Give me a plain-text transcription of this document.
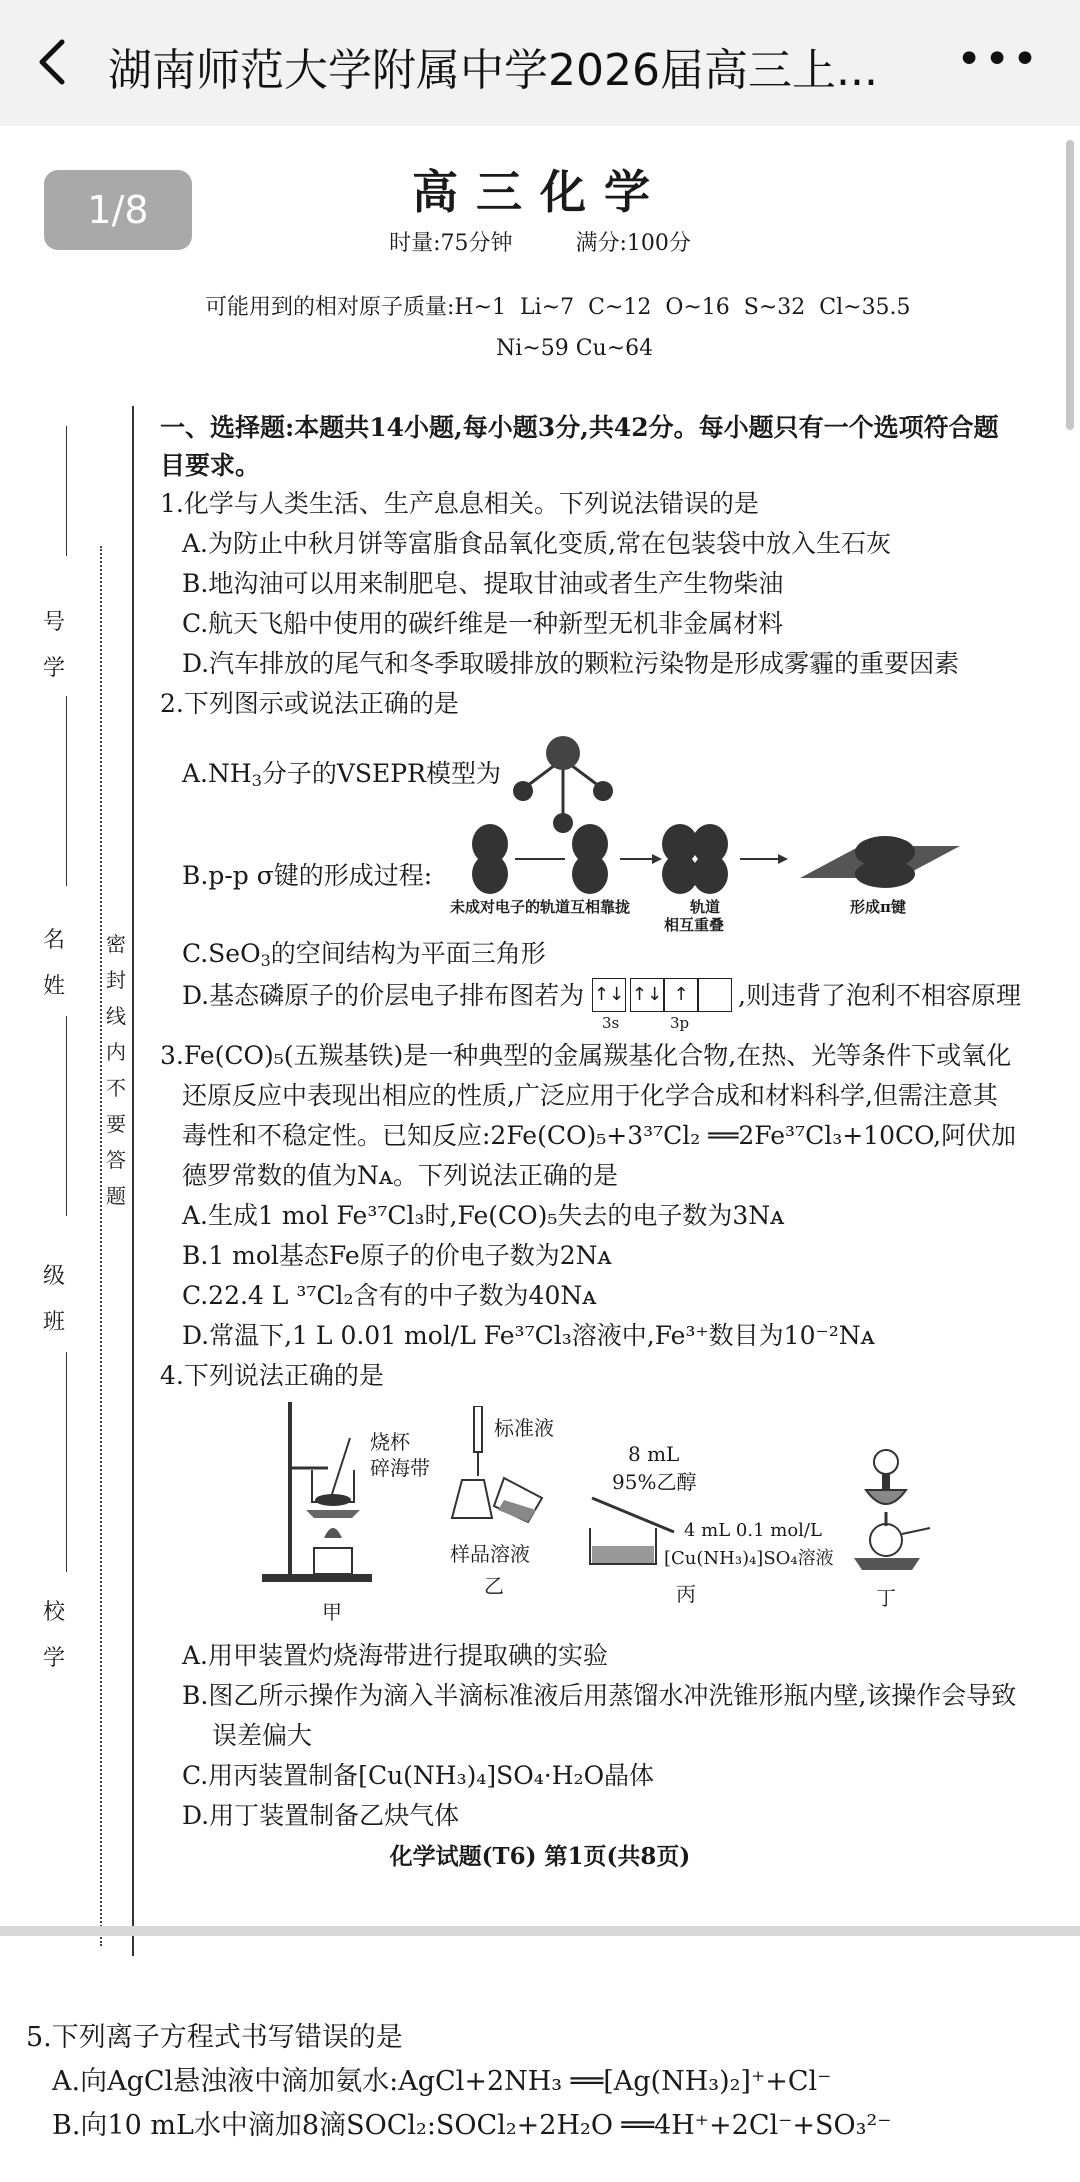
湖南师范大学附属中学2026届高三上...	•••
1/8	高三化学
时量:75分钟	满分:100分
可能用到的相对原子质量:H~1  Li~7  C~12  O~16  S~32  Cl~35.5
Ni~59 Cu~64
号
学
名
姓
级
班
校
学
密封线内不要答题
一、选择题:本题共14小题,每小题3分,共42分。每小题只有一个选项符合题
目要求。
1.化学与人类生活、生产息息相关。下列说法错误的是
A.为防止中秋月饼等富脂食品氧化变质,常在包装袋中放入生石灰
B.地沟油可以用来制肥皂、提取甘油或者生产生物柴油
C.航天飞船中使用的碳纤维是一种新型无机非金属材料
D.汽车排放的尾气和冬季取暖排放的颗粒污染物是形成雾霾的重要因素
2.下列图示或说法正确的是
$A.NH_3$分子的VSEPR模型为
B.p-p σ键的形成过程:
未成对电子的轨道互相靠拢	轨道
相互重叠
形成π键
C.SeO$_3$的空间结构为平面三角形
D.基态磷原子的价层电子排布图若为 ↑↓ ↑↓ ↑
3s	3p
,则违背了泡利不相容原理
3.Fe(CO)₅(五羰基铁)是一种典型的金属羰基化合物,在热、光等条件下或氧化
还原反应中表现出相应的性质,广泛应用于化学合成和材料科学,但需注意其
毒性和不稳定性。已知反应:2Fe(CO)₅+3³⁷Cl₂ ══2Fe³⁷Cl₃+10CO,阿伏加
德罗常数的值为Nᴀ。下列说法正确的是
A.生成1 mol Fe³⁷Cl₃时,Fe(CO)₅失去的电子数为3Nᴀ
B.1 mol基态Fe原子的价电子数为2Nᴀ
C.22.4 L ³⁷Cl₂含有的中子数为40Nᴀ
D.常温下,1 L 0.01 mol/L Fe³⁷Cl₃溶液中,Fe³⁺数目为10⁻²Nᴀ
4.下列说法正确的是
烧杯
碎海带
甲
标准液
样品溶液
乙
8 mL
95%乙醇
4 mL 0.1 mol/L
[Cu(NH₃)₄]SO₄溶液
丙	丁
A.用甲装置灼烧海带进行提取碘的实验
B.图乙所示操作为滴入半滴标准液后用蒸馏水冲洗锥形瓶内壁,该操作会导致
误差偏大
C.用丙装置制备[Cu(NH₃)₄]SO₄·H₂O晶体
D.用丁装置制备乙炔气体
化学试题(T6) 第1页(共8页)
5.下列离子方程式书写错误的是
A.向AgCl悬浊液中滴加氨水:AgCl+2NH₃ ══[Ag(NH₃)₂]⁺+Cl⁻
B.向10 mL水中滴加8滴SOCl₂:SOCl₂+2H₂O ══4H⁺+2Cl⁻+SO₃²⁻
